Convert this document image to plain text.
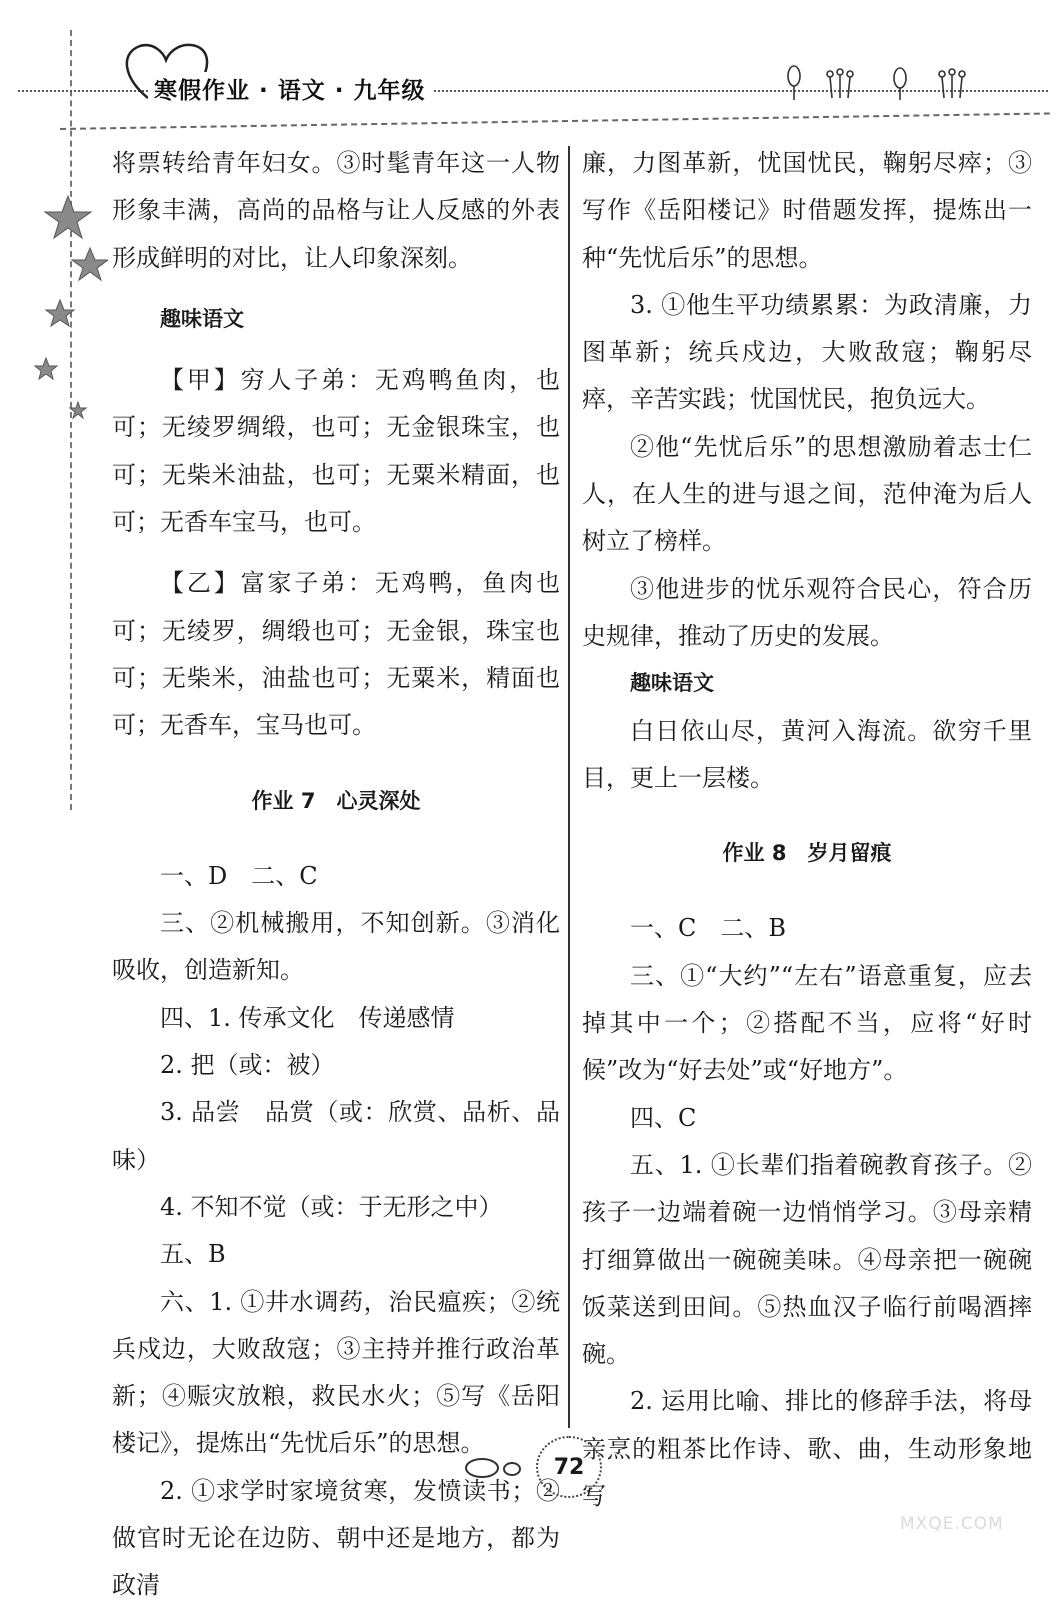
寒假作业 · 语文 · 九年级

将票转给青年妇女。③时髦青年这一人物形象丰满，高尚的品格与让人反感的外表形成鲜明的对比，让人印象深刻。

趣味语文

【甲】穷人子弟：无鸡鸭鱼肉，也可；无绫罗绸缎，也可；无金银珠宝，也可；无柴米油盐，也可；无粟米精面，也可；无香车宝马，也可。

【乙】富家子弟：无鸡鸭，鱼肉也可；无绫罗，绸缎也可；无金银，珠宝也可；无柴米，油盐也可；无粟米，精面也可；无香车，宝马也可。

作业 7　心灵深处

一、D　二、C

三、②机械搬用，不知创新。③消化吸收，创造新知。

四、1. 传承文化　传递感情

2. 把（或：被）

3. 品尝　品赏（或：欣赏、品析、品味）

4. 不知不觉（或：于无形之中）

五、B

六、1. ①井水调药，治民瘟疾；②统兵戍边，大败敌寇；③主持并推行政治革新；④赈灾放粮，救民水火；⑤写《岳阳楼记》，提炼出“先忧后乐”的思想。

2. ①求学时家境贫寒，发愤读书；②做官时无论在边防、朝中还是地方，都为政清

廉，力图革新，忧国忧民，鞠躬尽瘁；③写作《岳阳楼记》时借题发挥，提炼出一种“先忧后乐”的思想。

3. ①他生平功绩累累：为政清廉，力图革新；统兵戍边，大败敌寇；鞠躬尽瘁，辛苦实践；忧国忧民，抱负远大。

②他“先忧后乐”的思想激励着志士仁人，在人生的进与退之间，范仲淹为后人树立了榜样。

③他进步的忧乐观符合民心，符合历史规律，推动了历史的发展。

趣味语文

白日依山尽，黄河入海流。欲穷千里目，更上一层楼。

作业 8　岁月留痕

一、C　二、B

三、①“大约”“左右”语意重复，应去掉其中一个；②搭配不当，应将“好时候”改为“好去处”或“好地方”。

四、C

五、1. ①长辈们指着碗教育孩子。②孩子一边端着碗一边悄悄学习。③母亲精打细算做出一碗碗美味。④母亲把一碗碗饭菜送到田间。⑤热血汉子临行前喝酒摔碗。

2. 运用比喻、排比的修辞手法，将母亲烹的粗茶比作诗、歌、曲，生动形象地写

72
MXQE.COM
